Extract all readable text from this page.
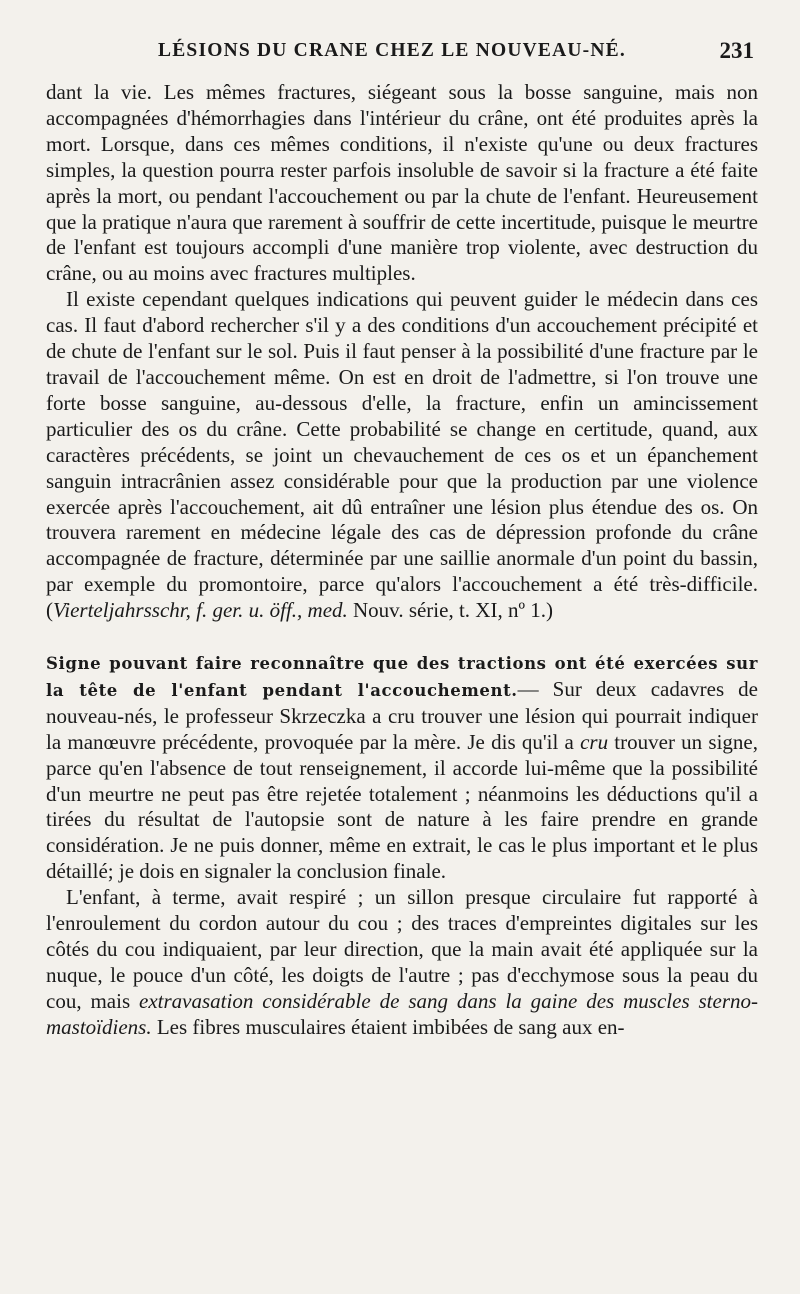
LÉSIONS DU CRANE CHEZ LE NOUVEAU-NÉ.	231

dant la vie. Les mêmes fractures, siégeant sous la bosse sanguine, mais non accompagnées d'hémorrhagies dans l'intérieur du crâne, ont été produites après la mort. Lorsque, dans ces mêmes conditions, il n'existe qu'une ou deux fractures simples, la question pourra rester parfois insoluble de savoir si la fracture a été faite après la mort, ou pendant l'accouchement ou par la chute de l'enfant. Heureusement que la pratique n'aura que rarement à souffrir de cette incertitude, puisque le meurtre de l'enfant est toujours accompli d'une manière trop violente, avec destruction du crâne, ou au moins avec fractures multiples.

Il existe cependant quelques indications qui peuvent guider le médecin dans ces cas. Il faut d'abord rechercher s'il y a des conditions d'un accouchement précipité et de chute de l'enfant sur le sol. Puis il faut penser à la possibilité d'une fracture par le travail de l'accouchement même. On est en droit de l'admettre, si l'on trouve une forte bosse sanguine, au-dessous d'elle, la fracture, enfin un amincissement particulier des os du crâne. Cette probabilité se change en certitude, quand, aux caractères précédents, se joint un chevauchement de ces os et un épanchement sanguin intracrânien assez considérable pour que la production par une violence exercée après l'accouchement, ait dû entraîner une lésion plus étendue des os. On trouvera rarement en médecine légale des cas de dépression profonde du crâne accompagnée de fracture, déterminée par une saillie anormale d'un point du bassin, par exemple du promontoire, parce qu'alors l'accouchement a été très-difficile. (Vierteljahrsschr, f. ger. u. öff., med. Nouv. série, t. XI, nº 1.)

Signe pouvant faire reconnaître que des tractions ont été exercées sur la tête de l'enfant pendant l'accouchement.— Sur deux cadavres de nouveau-nés, le professeur Skrzeczka a cru trouver une lésion qui pourrait indiquer la manœuvre précédente, provoquée par la mère. Je dis qu'il a cru trouver un signe, parce qu'en l'absence de tout renseignement, il accorde lui-même que la possibilité d'un meurtre ne peut pas être rejetée totalement ; néanmoins les déductions qu'il a tirées du résultat de l'autopsie sont de nature à les faire prendre en grande considération. Je ne puis donner, même en extrait, le cas le plus important et le plus détaillé; je dois en signaler la conclusion finale.

L'enfant, à terme, avait respiré ; un sillon presque circulaire fut rapporté à l'enroulement du cordon autour du cou ; des traces d'empreintes digitales sur les côtés du cou indiquaient, par leur direction, que la main avait été appliquée sur la nuque, le pouce d'un côté, les doigts de l'autre ; pas d'ecchymose sous la peau du cou, mais extravasation considérable de sang dans la gaine des muscles sterno-mastoïdiens. Les fibres musculaires étaient imbibées de sang aux en-
